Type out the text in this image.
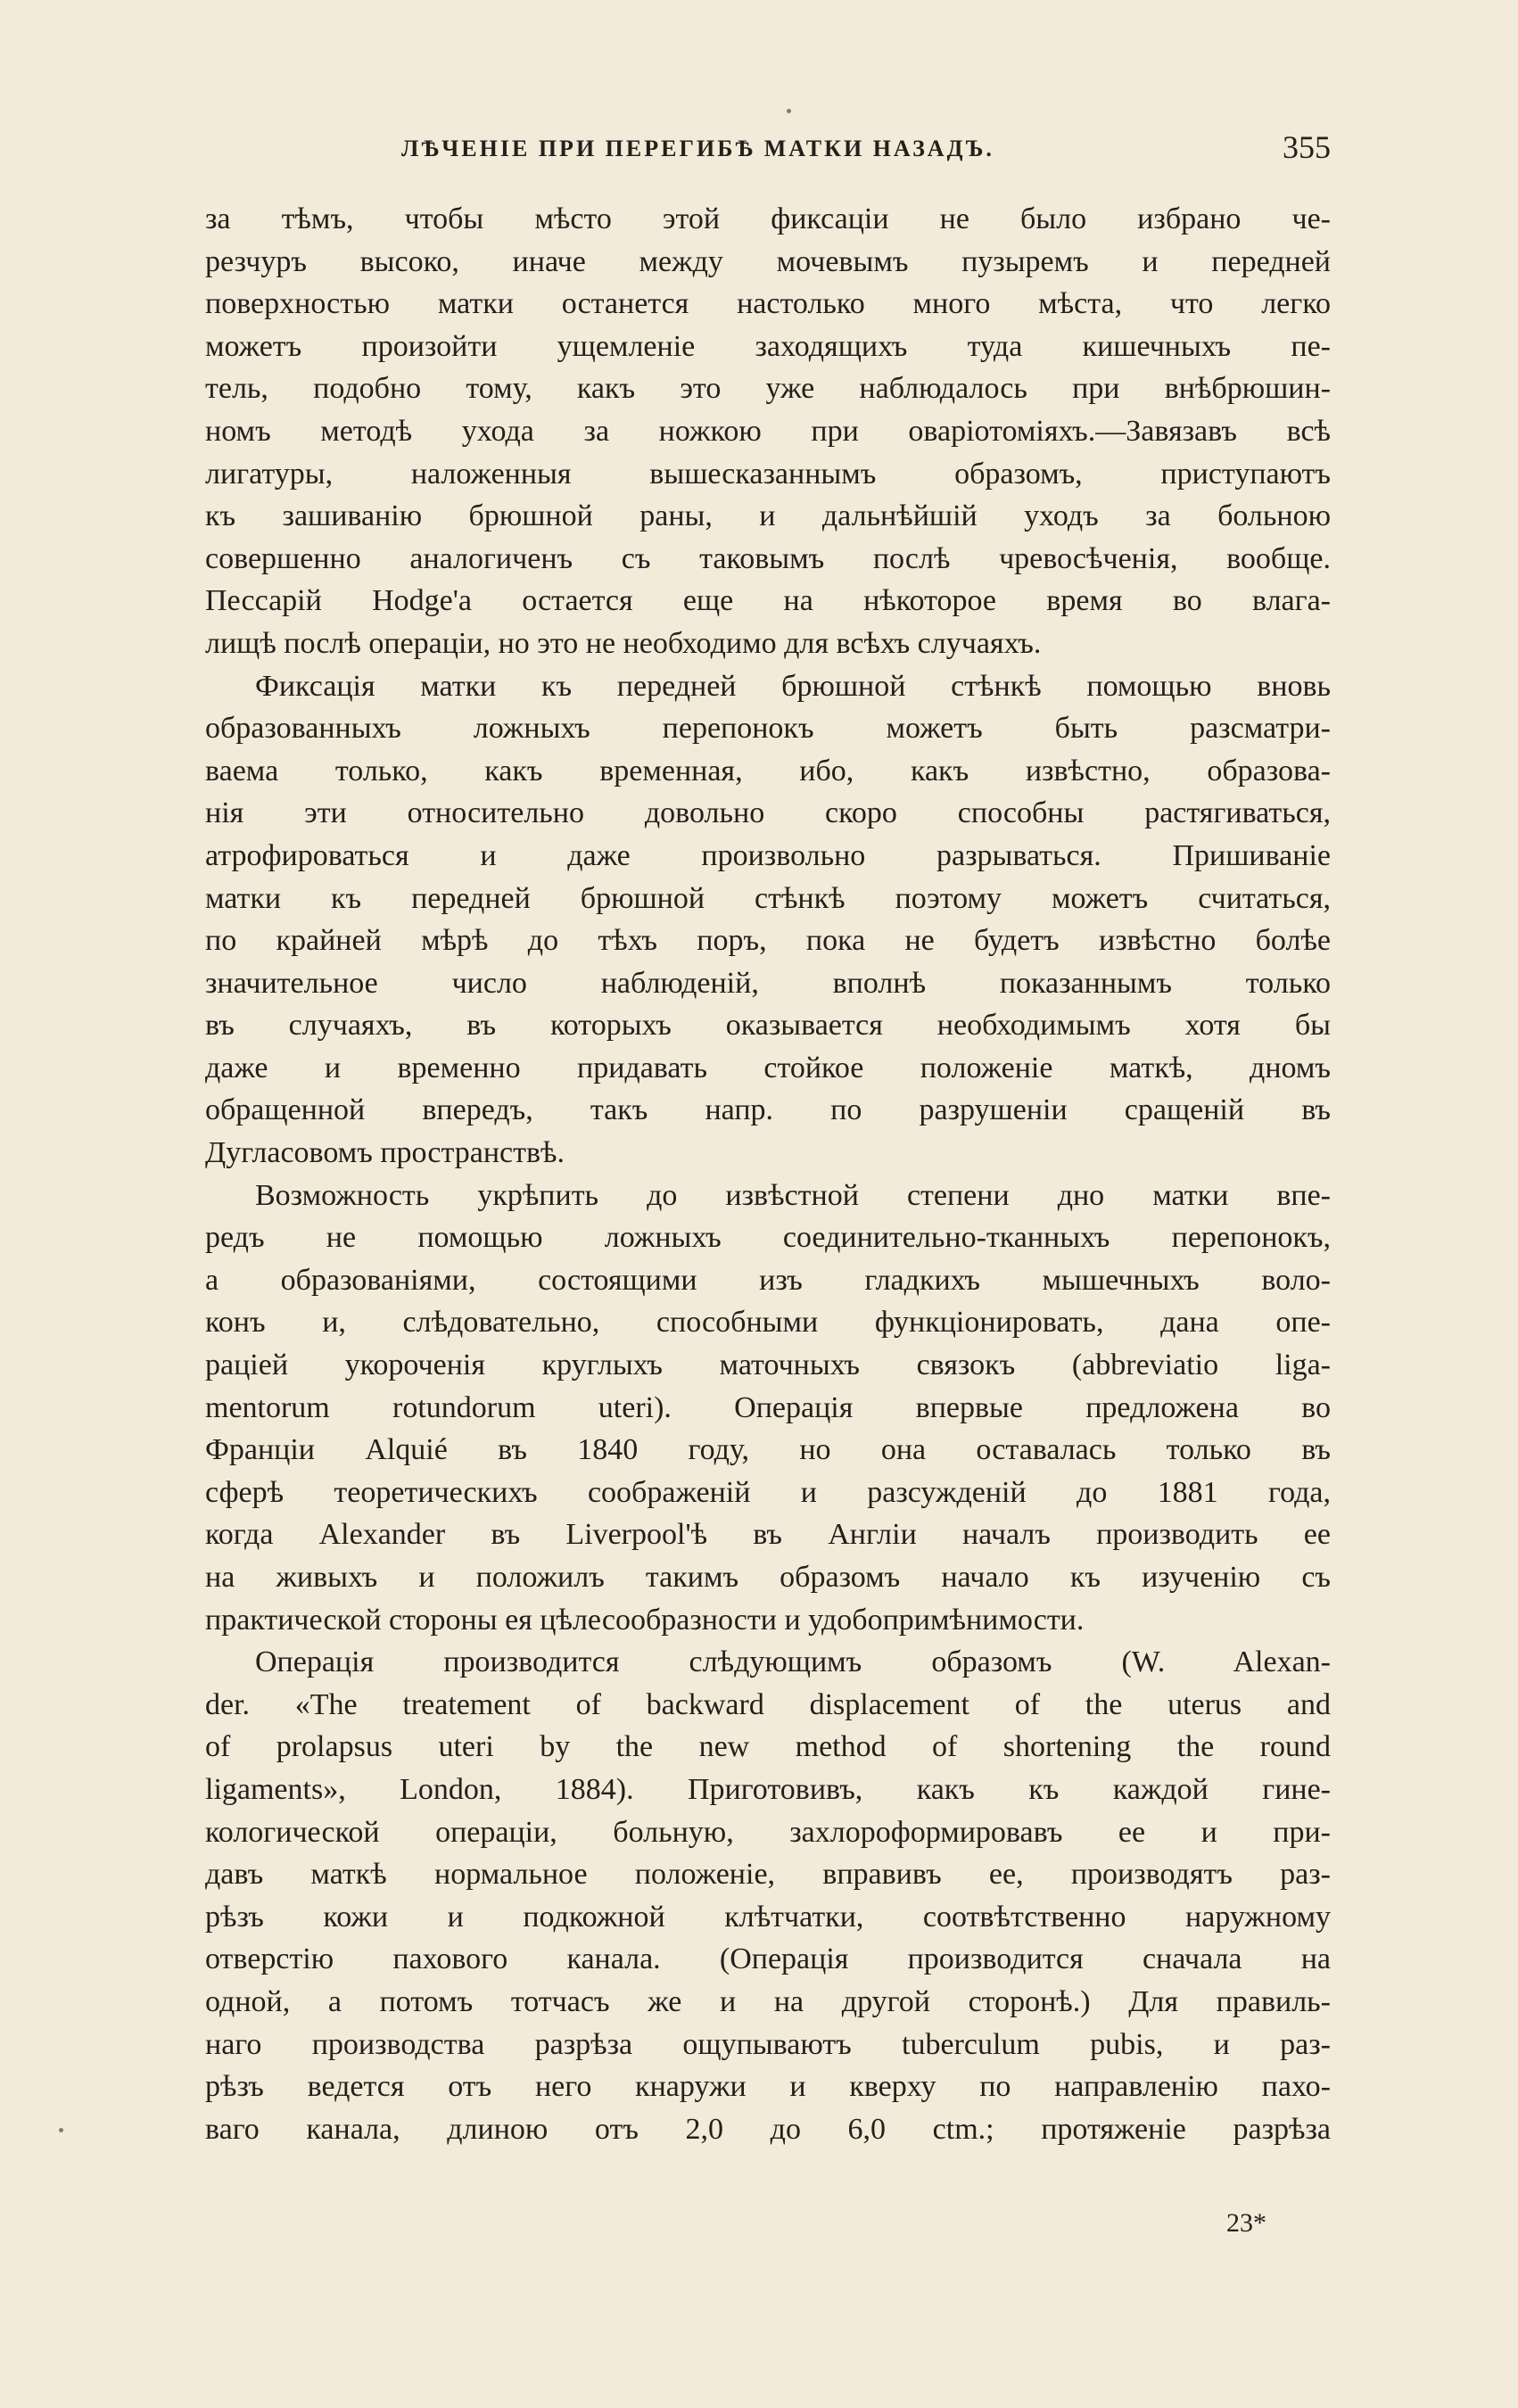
ЛѢЧЕНІЕ ПРИ ПЕРЕГИБѢ МАТКИ НАЗАДЪ.	355

за тѣмъ, чтобы мѣсто этой фиксаціи не было избрано че-
резчуръ высоко, иначе между мочевымъ пузыремъ и передней
поверхностью матки останется настолько много мѣста, что легко
можетъ произойти ущемленіе заходящихъ туда кишечныхъ пе-
тель, подобно тому, какъ это уже наблюдалось при внѣбрюшин-
номъ методѣ ухода за ножкою при оваріотоміяхъ.—Завязавъ всѣ
лигатуры, наложенныя вышесказаннымъ образомъ, приступаютъ
къ зашиванію брюшной раны, и дальнѣйшій уходъ за больною
совершенно аналогиченъ съ таковымъ послѣ чревосѣченія, вообще.
Пессарій Hodge'а остается еще на нѣкоторое время во влага-
лищѣ послѣ операціи, но это не необходимо для всѣхъ случаяхъ.

Фиксація матки къ передней брюшной стѣнкѣ помощью вновь
образованныхъ ложныхъ перепонокъ можетъ быть разсматри-
ваема только, какъ временная, ибо, какъ извѣстно, образова-
нія эти относительно довольно скоро способны растягиваться,
атрофироваться и даже произвольно разрываться. Пришиваніе
матки къ передней брюшной стѣнкѣ поэтому можетъ считаться,
по крайней мѣрѣ до тѣхъ поръ, пока не будетъ извѣстно болѣе
значительное число наблюденій, вполнѣ показаннымъ только
въ случаяхъ, въ которыхъ оказывается необходимымъ хотя бы
даже и временно придавать стойкое положеніе маткѣ, дномъ
обращенной впередъ, такъ напр. по разрушеніи сращеній въ
Дугласовомъ пространствѣ.

Возможность укрѣпить до извѣстной степени дно матки впе-
редъ не помощью ложныхъ соединительно-тканныхъ перепонокъ,
а образованіями, состоящими изъ гладкихъ мышечныхъ воло-
конъ и, слѣдовательно, способными функціонировать, дана опе-
раціей укороченія круглыхъ маточныхъ связокъ (abbreviatio liga-
mentorum rotundorum uteri). Операція впервые предложена во
Франціи Alquié въ 1840 году, но она оставалась только въ
сферѣ теоретическихъ соображеній и разсужденій до 1881 года,
когда Alexander въ Liverpool'ѣ въ Англіи началъ производить ее
на живыхъ и положилъ такимъ образомъ начало къ изученію съ
практической стороны ея цѣлесообразности и удобопримѣнимости.

Операція производится слѣдующимъ образомъ (W. Alexan-
der. «The treatement of backward displacement of the uterus and
of prolapsus uteri by the new method of shortening the round
ligaments», London, 1884). Приготовивъ, какъ къ каждой гине-
кологической операціи, больную, захлороформировавъ ее и при-
давъ маткѣ нормальное положеніе, вправивъ ее, производятъ раз-
рѣзъ кожи и подкожной клѣтчатки, соотвѣтственно наружному
отверстію пахового канала. (Операція производится сначала на
одной, а потомъ тотчасъ же и на другой сторонѣ.) Для правиль-
наго производства разрѣза ощупываютъ tuberculum pubis, и раз-
рѣзъ ведется отъ него кнаружи и кверху по направленію пахо-
ваго канала, длиною отъ 2,0 до 6,0 ctm.; протяженіе разрѣза

23*
